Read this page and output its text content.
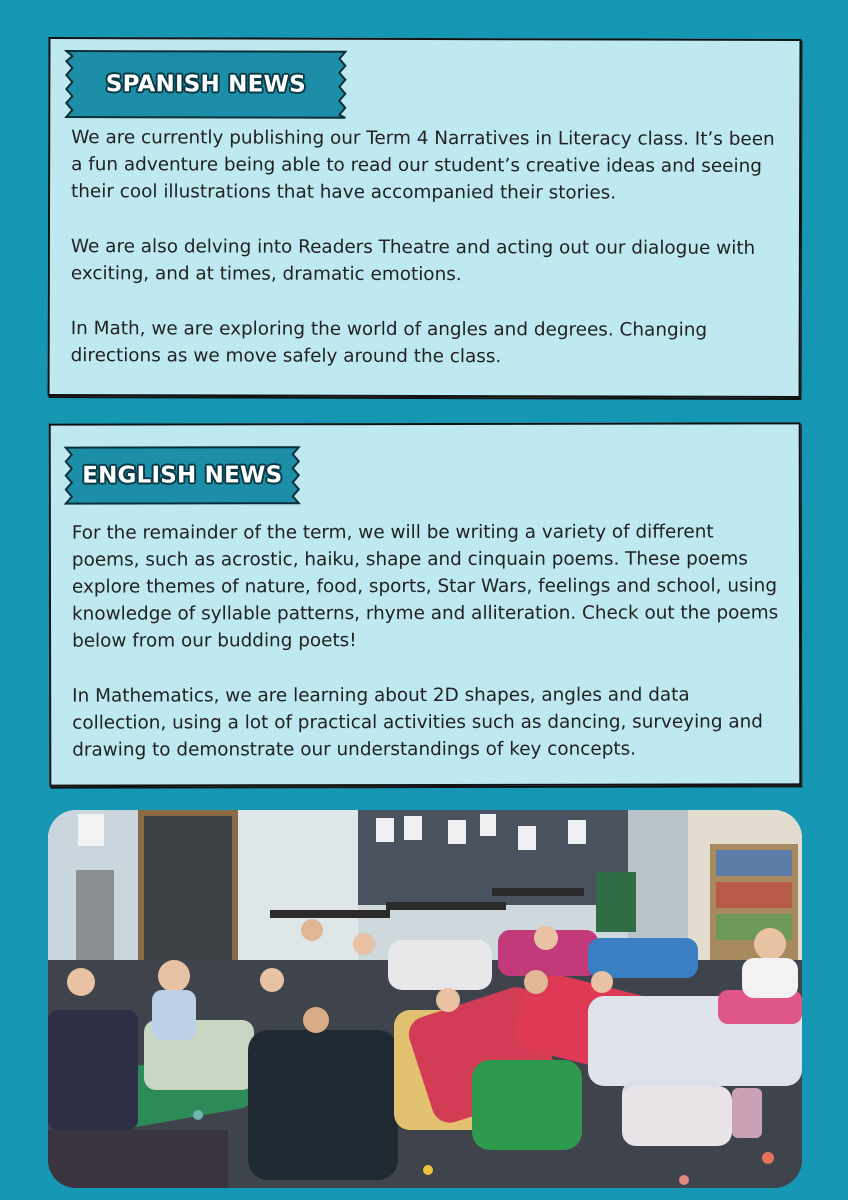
SPANISH NEWS

We are currently publishing our Term 4 Narratives in Literacy class. It’s been a fun adventure being able to read our student’s creative ideas and seeing their cool illustrations that have accompanied their stories.

We are also delving into Readers Theatre and acting out our dialogue with exciting, and at times, dramatic emotions.

In Math, we are exploring the world of angles and degrees. Changing directions as we move safely around the class.

ENGLISH NEWS

For the remainder of the term, we will be writing a variety of different poems, such as acrostic, haiku, shape and cinquain poems. These poems explore themes of nature, food, sports, Star Wars, feelings and school, using knowledge of syllable patterns, rhyme and alliteration. Check out the poems below from our budding poets!

In Mathematics, we are learning about 2D shapes, angles and data collection, using a lot of practical activities such as dancing, surveying and drawing to demonstrate our understandings of key concepts.
